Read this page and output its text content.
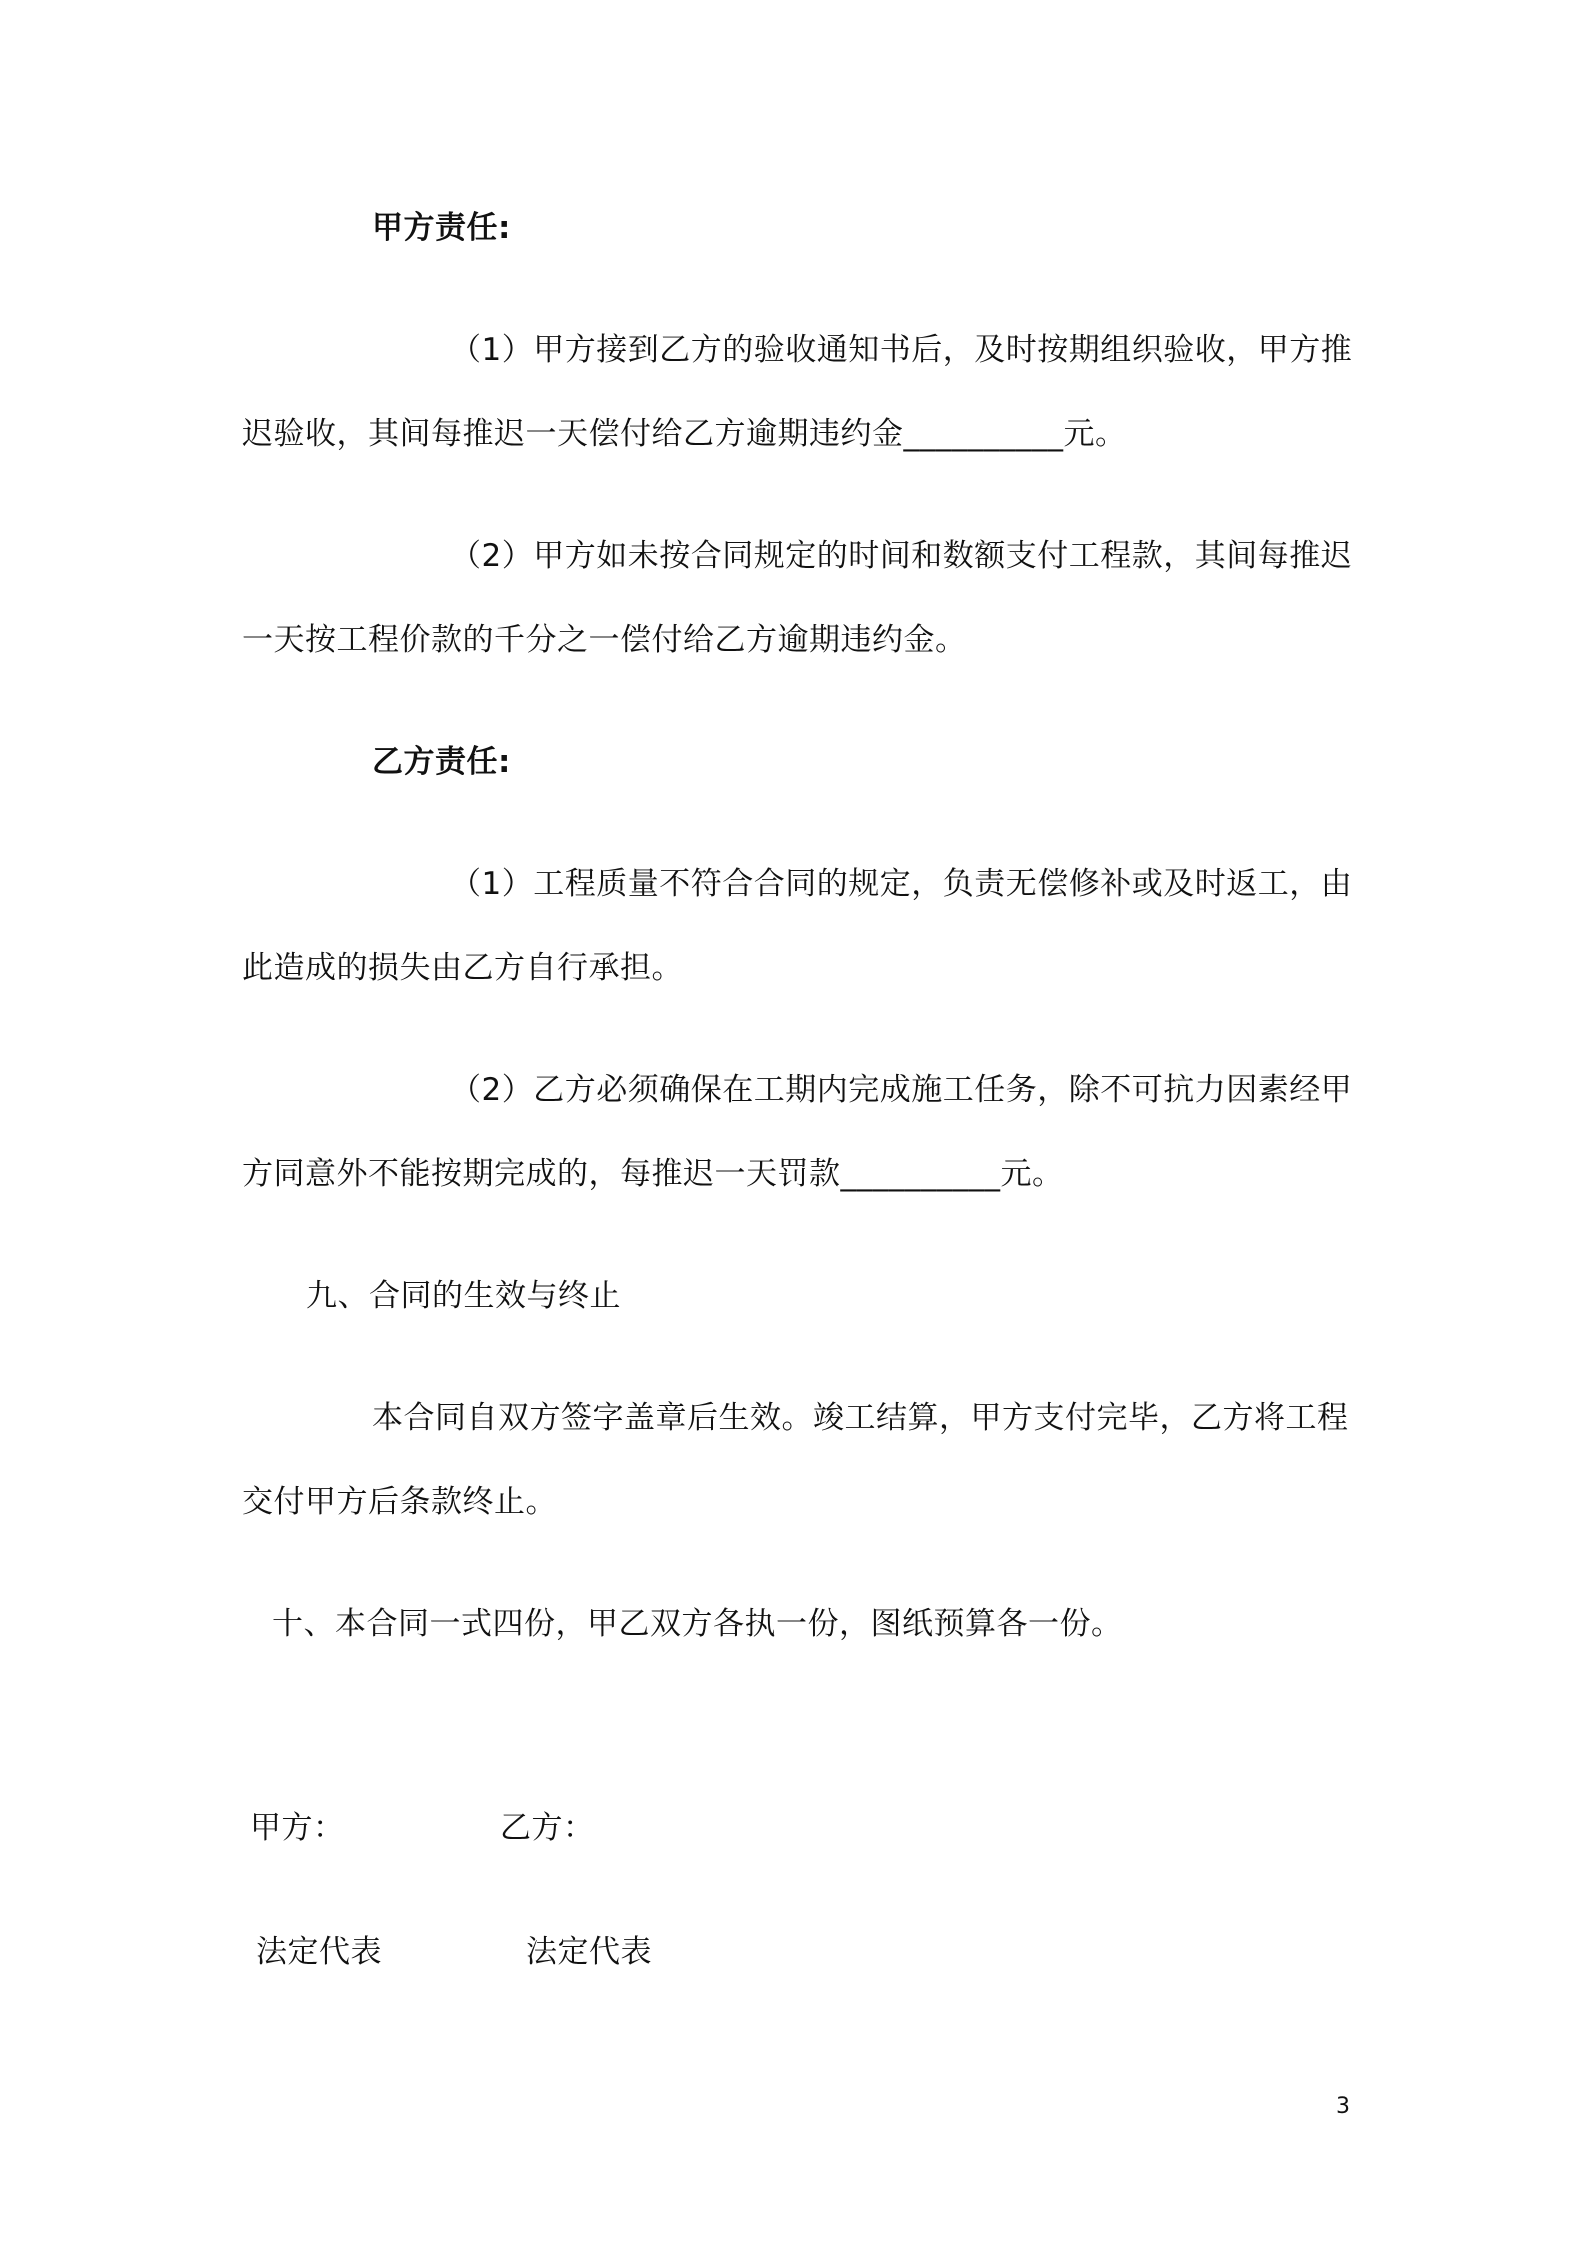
甲方责任:
（1）甲方接到乙方的验收通知书后，及时按期组织验收，甲方推
迟验收，其间每推迟一天偿付给乙方逾期违约金__________元。
（2）甲方如未按合同规定的时间和数额支付工程款，其间每推迟
一天按工程价款的千分之一偿付给乙方逾期违约金。
乙方责任:
（1）工程质量不符合合同的规定，负责无偿修补或及时返工，由
此造成的损失由乙方自行承担。
（2）乙方必须确保在工期内完成施工任务，除不可抗力因素经甲
方同意外不能按期完成的，每推迟一天罚款__________元。
九、合同的生效与终止
本合同自双方签字盖章后生效。竣工结算，甲方支付完毕，乙方将工程
交付甲方后条款终止。
十、本合同一式四份，甲乙双方各执一份，图纸预算各一份。
甲方：	乙方：
法定代表	法定代表
3
